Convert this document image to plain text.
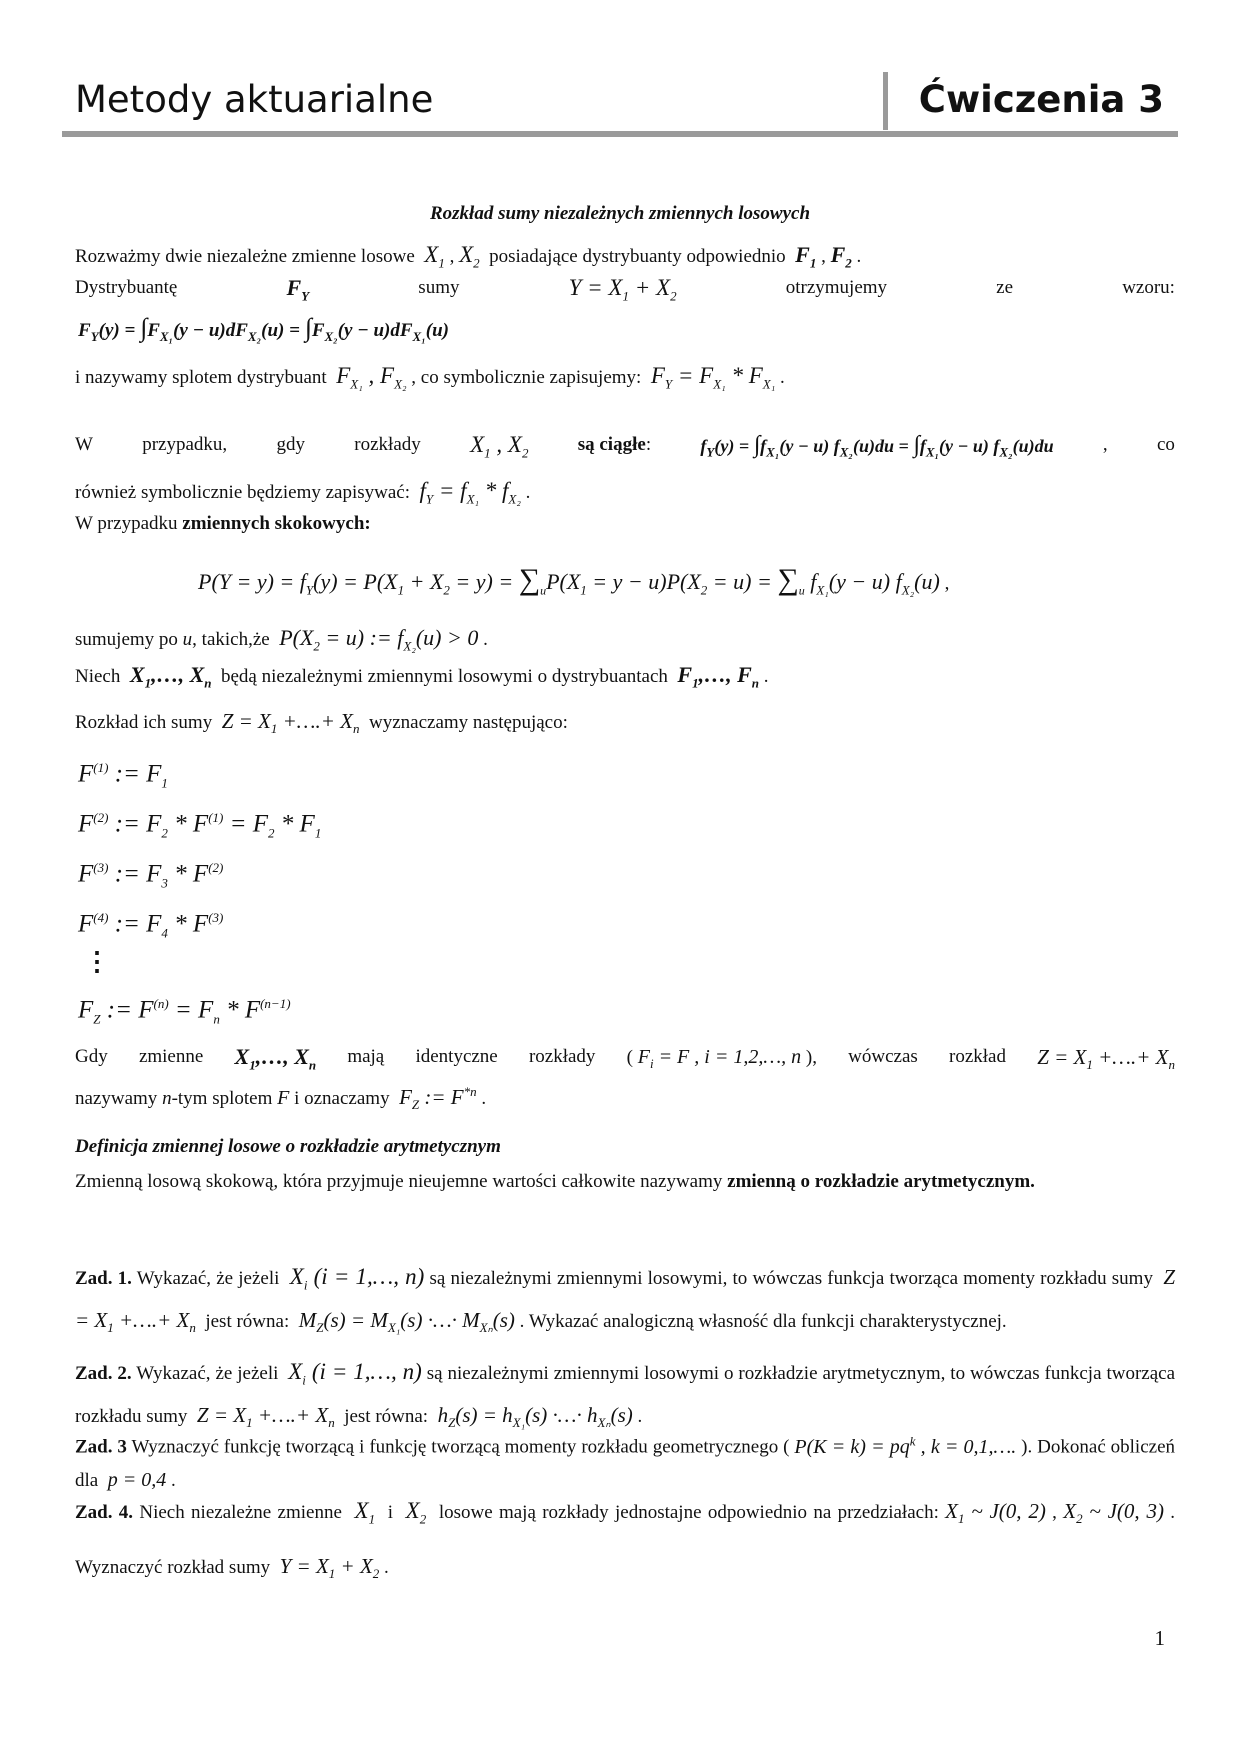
Metody aktuarialne	Ćwiczenia 3
Rozkład sumy niezależnych zmiennych losowych
Rozważmy dwie niezależne zmienne losowe  $X_1$ , $X_2$  posiadające dystrybuanty odpowiednio  $F_1$ , $F_2$ .
Dystrybuantę	$F_Y$	sumy	$Y = X_1 + X_2$	otrzymujemy	ze	wzoru:
$F_Y(y) = \int F_{X_1}(y - u)dF_{X_2}(u) = \int F_{X_2}(y - u)dF_{X_1}(u)$
i nazywamy splotem dystrybuant  $F_{X_1}$ , $F_{X_2}$ , co symbolicznie zapisujemy:  $F_Y = F_{X_1} * F_{X_1}$ .
W	przypadku,	gdy	rozkłady $X_1$ , $X_2$	są ciągłe:	$f_Y(y) = \int f_{X_1}(y - u) f_{X_2}(u)du = \int f_{X_1}(y - u)$ $f_{X_2}(u)du$	,	co
również symbolicznie będziemy zapisywać:  $f_Y = f_{X_1} * f_{X_2}$ .
W przypadku zmiennych skokowych:
$P(Y = y) = f_Y(y) = P(X_1 + X_2 = y) = \sum_uP(X_1 = y - u)P(X_2 = u) = \sum_u$ $f_{X_1}(y - u)$ $f_{X_2}(u)$ ,
sumujemy po u, takich,że  $P(X_2 = u)$ := $f_{X_2}(u) > 0$ .
Niech  $X_1,\dots$, $X_n$  będą niezależnymi zmiennymi losowymi o dystrybuantach  $F_1,\dots$, $F_n$ .
Rozkład ich sumy  $Z = X_1$ +….+ $X_n$  wyznaczamy następująco:
$F^{(1)}$ := $F_1$
$F^{(2)}$ := $F_2 * F^{(1)} = F_2 * F_1$
$F^{(3)}$ := $F_3 * F^{(2)}$
$F^{(4)}$ := $F_4 * F^{(3)}$
⋮
$F_Z$ := $F^{(n)} = F_n * F^{(n-1)}$
Gdy zmienne $X_1,\dots$, $X_n$ mają identyczne rozkłady ( $F_i = F$ , i = 1,2,…, n ), wówczas rozkład $Z = X_1$ +….+ $X_n$
nazywamy n-tym splotem F i oznaczamy  $F_Z$ := $F^{*n}$ .
Definicja zmiennej losowe o rozkładzie arytmetycznym
Zmienną losową skokową, która przyjmuje nieujemne wartości całkowite nazywamy zmienną o rozkładzie arytmetycznym.
Zad. 1. Wykazać, że jeżeli  $X_i$ (i = 1,…, n) są niezależnymi zmiennymi losowymi, to wówczas funkcja tworząca momenty rozkładu sumy  $Z = X_1$ +….+ $X_n$  jest równa:  $M_Z(s) = M_{X_1}(s)$ ·…· $M_{X_n}(s)$ . Wykazać analogiczną własność dla funkcji charakterystycznej.
Zad. 2. Wykazać, że jeżeli  $X_i$ (i = 1,…, n) są niezależnymi zmiennymi losowymi o rozkładzie arytmetycznym, to wówczas funkcja tworząca rozkładu sumy  $Z = X_1$ +….+ $X_n$  jest równa:  $h_Z(s) = h_{X_1}(s)$ ·…· $h_{X_n}(s)$ .
Zad. 3 Wyznaczyć funkcję tworzącą i funkcję tworzącą momenty rozkładu geometrycznego ( $P(K = k) = pq^k$ , k = 0,1,…. ). Dokonać obliczeń dla  p = 0,4 .
Zad. 4. Niech niezależne zmienne  $X_1$  i  $X_2$  losowe mają rozkłady jednostajne odpowiednio na przedziałach: $X_1$ ~ J(0, 2) , $X_2$ ~ J(0, 3) . Wyznaczyć rozkład sumy  $Y = X_1 + X_2$ .
1
